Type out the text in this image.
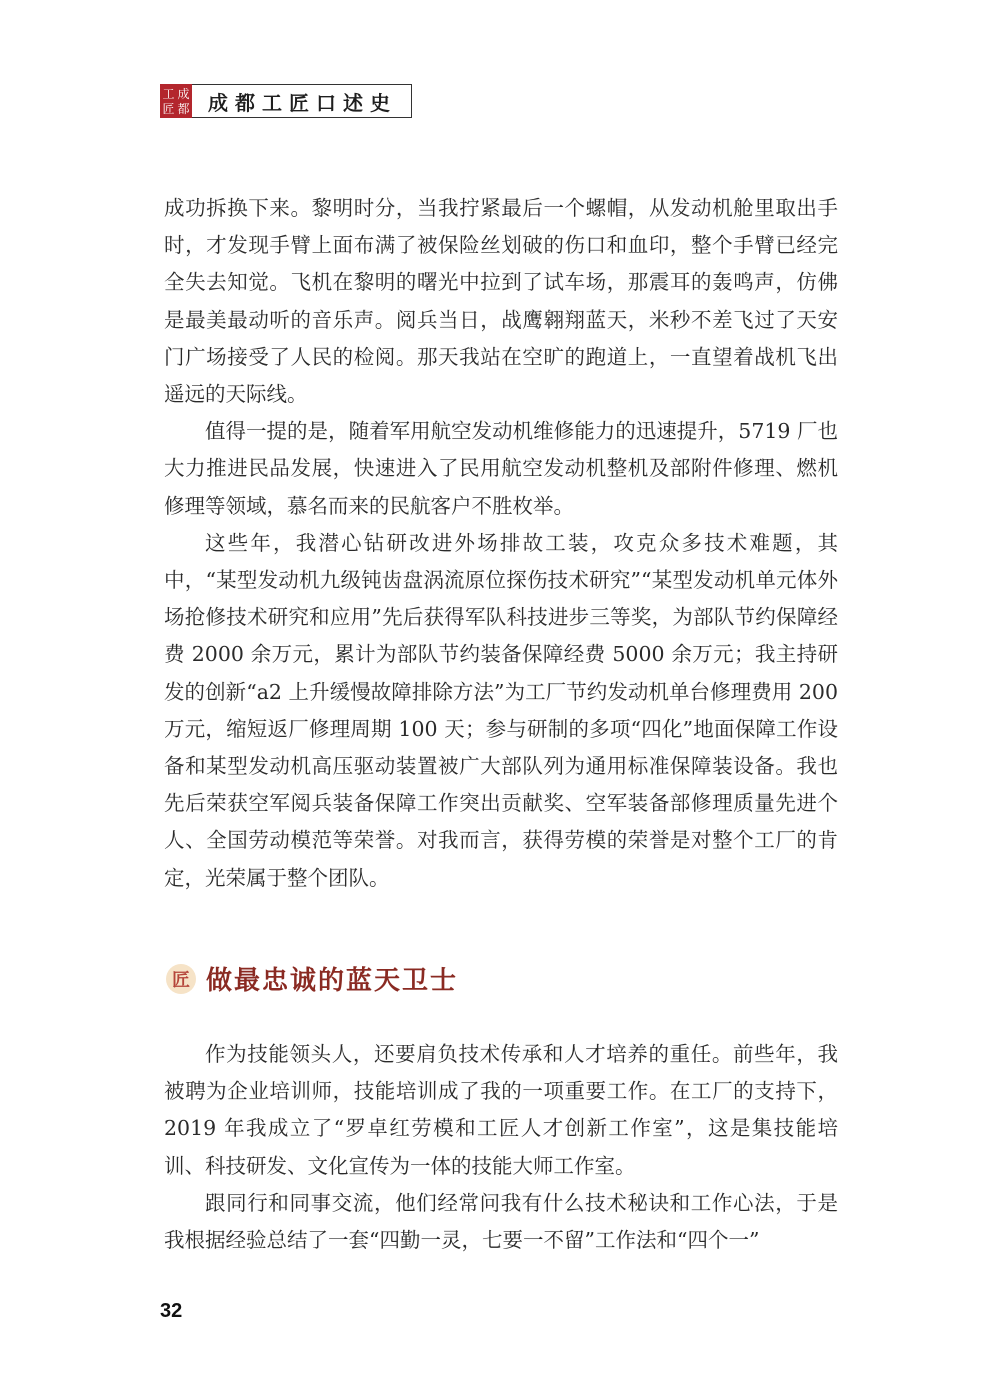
工 成
匠 都 成都工匠口述史

成功拆换下来。黎明时分，当我拧紧最后一个螺帽，从发动机舱里取出手时，才发现手臂上面布满了被保险丝划破的伤口和血印，整个手臂已经完全失去知觉。飞机在黎明的曙光中拉到了试车场，那震耳的轰鸣声，仿佛是最美最动听的音乐声。阅兵当日，战鹰翱翔蓝天，米秒不差飞过了天安门广场接受了人民的检阅。那天我站在空旷的跑道上，一直望着战机飞出遥远的天际线。

值得一提的是，随着军用航空发动机维修能力的迅速提升，5719 厂也大力推进民品发展，快速进入了民用航空发动机整机及部附件修理、燃机修理等领域，慕名而来的民航客户不胜枚举。

这些年，我潜心钻研改进外场排故工装，攻克众多技术难题，其中，“某型发动机九级钝齿盘涡流原位探伤技术研究”“某型发动机单元体外场抢修技术研究和应用”先后获得军队科技进步三等奖，为部队节约保障经费 2000 余万元，累计为部队节约装备保障经费 5000 余万元；我主持研发的创新“a2 上升缓慢故障排除方法”为工厂节约发动机单台修理费用 200 万元，缩短返厂修理周期 100 天；参与研制的多项“四化”地面保障工作设备和某型发动机高压驱动装置被广大部队列为通用标准保障装设备。我也先后荣获空军阅兵装备保障工作突出贡献奖、空军装备部修理质量先进个人、全国劳动模范等荣誉。对我而言，获得劳模的荣誉是对整个工厂的肯定，光荣属于整个团队。

匠 做最忠诚的蓝天卫士

作为技能领头人，还要肩负技术传承和人才培养的重任。前些年，我被聘为企业培训师，技能培训成了我的一项重要工作。在工厂的支持下，2019 年我成立了“罗卓红劳模和工匠人才创新工作室”，这是集技能培训、科技研发、文化宣传为一体的技能大师工作室。

跟同行和同事交流，他们经常问我有什么技术秘诀和工作心法，于是我根据经验总结了一套“四勤一灵，七要一不留”工作法和“四个一”

32
